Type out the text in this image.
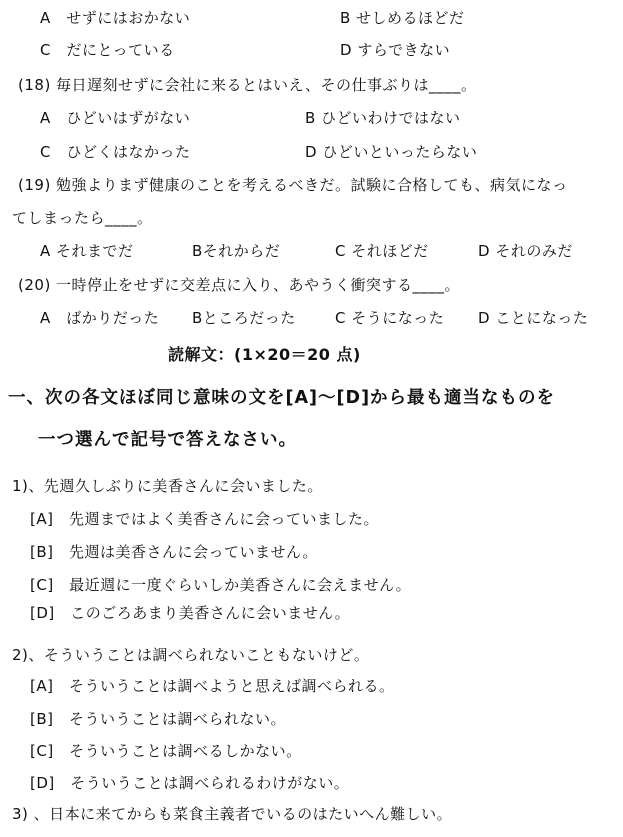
A　せずにはおかない	B せしめるほどだ
C　だにとっている	D すらできない
(18) 毎日遅刻せずに会社に来るとはいえ、その仕事ぶりは____。
A　ひどいはずがない	B ひどいわけではない
C　ひどくはなかった	D ひどいといったらない
(19) 勉強よりまず健康のことを考えるべきだ。試験に合格しても、病気になっ
てしまったら____。
A それまでだ	Bそれからだ	C それほどだ	D それのみだ
(20) 一時停止をせずに交差点に入り、あやうく衝突する____。
A　ばかりだった Bところだった	C そうになった D ことになった
読解文：(1×20＝20 点)
一、次の各文ほぼ同じ意味の文を[A]～[D]から最も適当なものを
一つ選んで記号で答えなさい。
1)、先週久しぶりに美香さんに会いました。
[A]　先週まではよく美香さんに会っていました。
[B]　先週は美香さんに会っていません。
[C]　最近週に一度ぐらいしか美香さんに会えません。
[D]　このごろあまり美香さんに会いません。
2)、そういうことは調べられないこともないけど。
[A]　そういうことは調べようと思えば調べられる。
[B]　そういうことは調べられない。
[C]　そういうことは調べるしかない。
[D]　そういうことは調べられるわけがない。
3) 、日本に来てからも菜食主義者でいるのはたいへん難しい。
